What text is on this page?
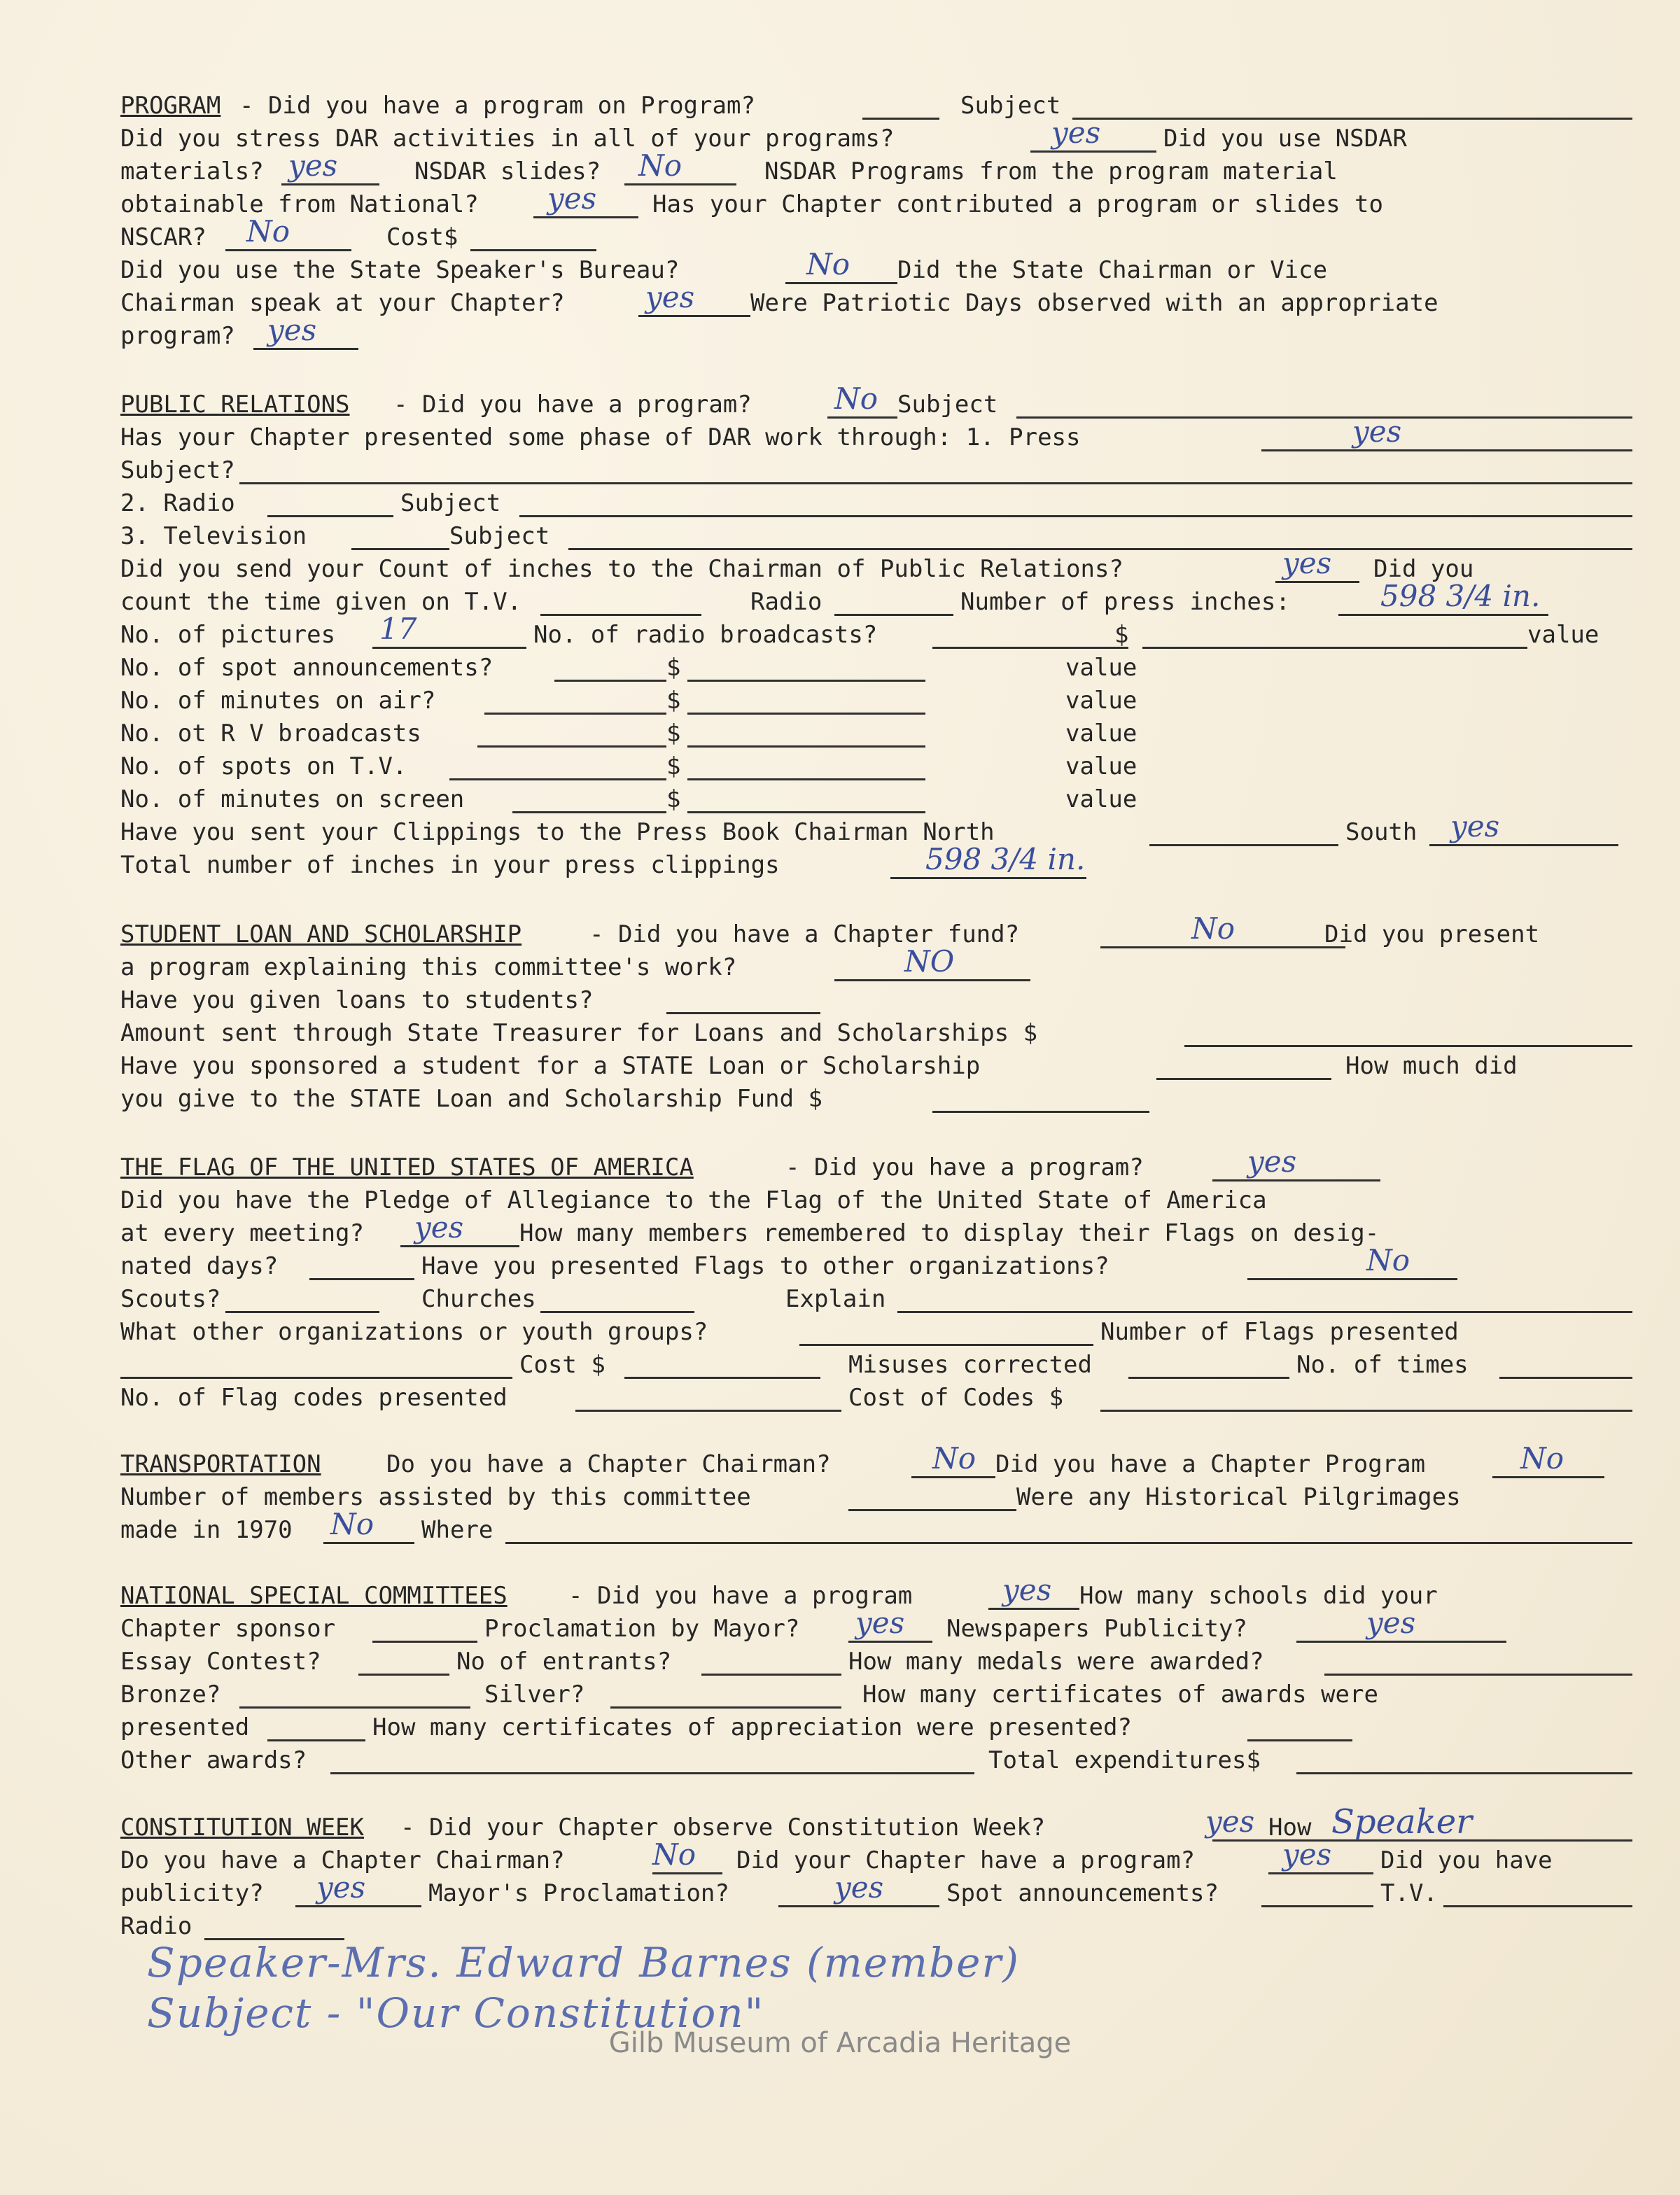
PROGRAM - Did you have a program on Program?	Subject
Did you stress DAR activities in all of your programs?	yes	Did you use NSDAR
materials? yes	NSDAR slides? No	NSDAR Programs from the program material
obtainable from National? yes Has your Chapter contributed a program or slides to
NSCAR? No	Cost$
Did you use the State Speaker's Bureau?	No Did the State Chairman or Vice
Chairman speak at your Chapter?	yes Were Patriotic Days observed with an appropriate
program? yes
PUBLIC RELATIONS - Did you have a program?	No Subject
Has your Chapter presented some phase of DAR work through: 1. Press	yes
Subject?
2. Radio	Subject
3. Television	Subject
Did you send your Count of inches to the Chairman of Public Relations?	yes Did you
count the time given on T.V.	Radio	Number of press inches:	598 3/4 in.
No. of pictures 17	No. of radio broadcasts?	$	value
No. of spot announcements?	$	value
No. of minutes on air?	$	value
No. ot R V broadcasts	$	value
No. of spots on T.V.	$	value
No. of minutes on screen	$	value
Have you sent your Clippings to the Press Book Chairman North	South yes
Total number of inches in your press clippings	598 3/4 in.
STUDENT LOAN AND SCHOLARSHIP	- Did you have a Chapter fund?	No	Did you present
a program explaining this committee's work?	NO
Have you given loans to students?
Amount sent through State Treasurer for Loans and Scholarships $
Have you sponsored a student for a STATE Loan or Scholarship	How much did
you give to the STATE Loan and Scholarship Fund $
THE FLAG OF THE UNITED STATES OF AMERICA	- Did you have a program?	yes
Did you have the Pledge of Allegiance to the Flag of the United State of America
at every meeting? yes How many members remembered to display their Flags on desig-
nated days?	Have you presented Flags to other organizations?	No
Scouts?	Churches	Explain
What other organizations or youth groups?	Number of Flags presented
Cost $	Misuses corrected	No. of times
No. of Flag codes presented	Cost of Codes $
TRANSPORTATION	Do you have a Chapter Chairman?	No Did you have a Chapter Program	No
Number of members assisted by this committee	Were any Historical Pilgrimages
made in 1970 No Where
NATIONAL SPECIAL COMMITTEES	- Did you have a program	yes How many schools did your
Chapter sponsor	Proclamation by Mayor? yes Newspapers Publicity?	yes
Essay Contest?	No of entrants?	How many medals were awarded?
Bronze?	Silver?	How many certificates of awards were
presented	How many certificates of appreciation were presented?
Other awards?	Total expenditures$
CONSTITUTION WEEK - Did your Chapter observe Constitution Week?	yes How Speaker
Do you have a Chapter Chairman?	No Did your Chapter have a program?	yes Did you have
publicity? yes	Mayor's Proclamation?	yes	Spot announcements?	T.V.
Radio
Speaker-Mrs. Edward Barnes (member)
Subject - "Our Constitution"
Gilb Museum of Arcadia Heritage
